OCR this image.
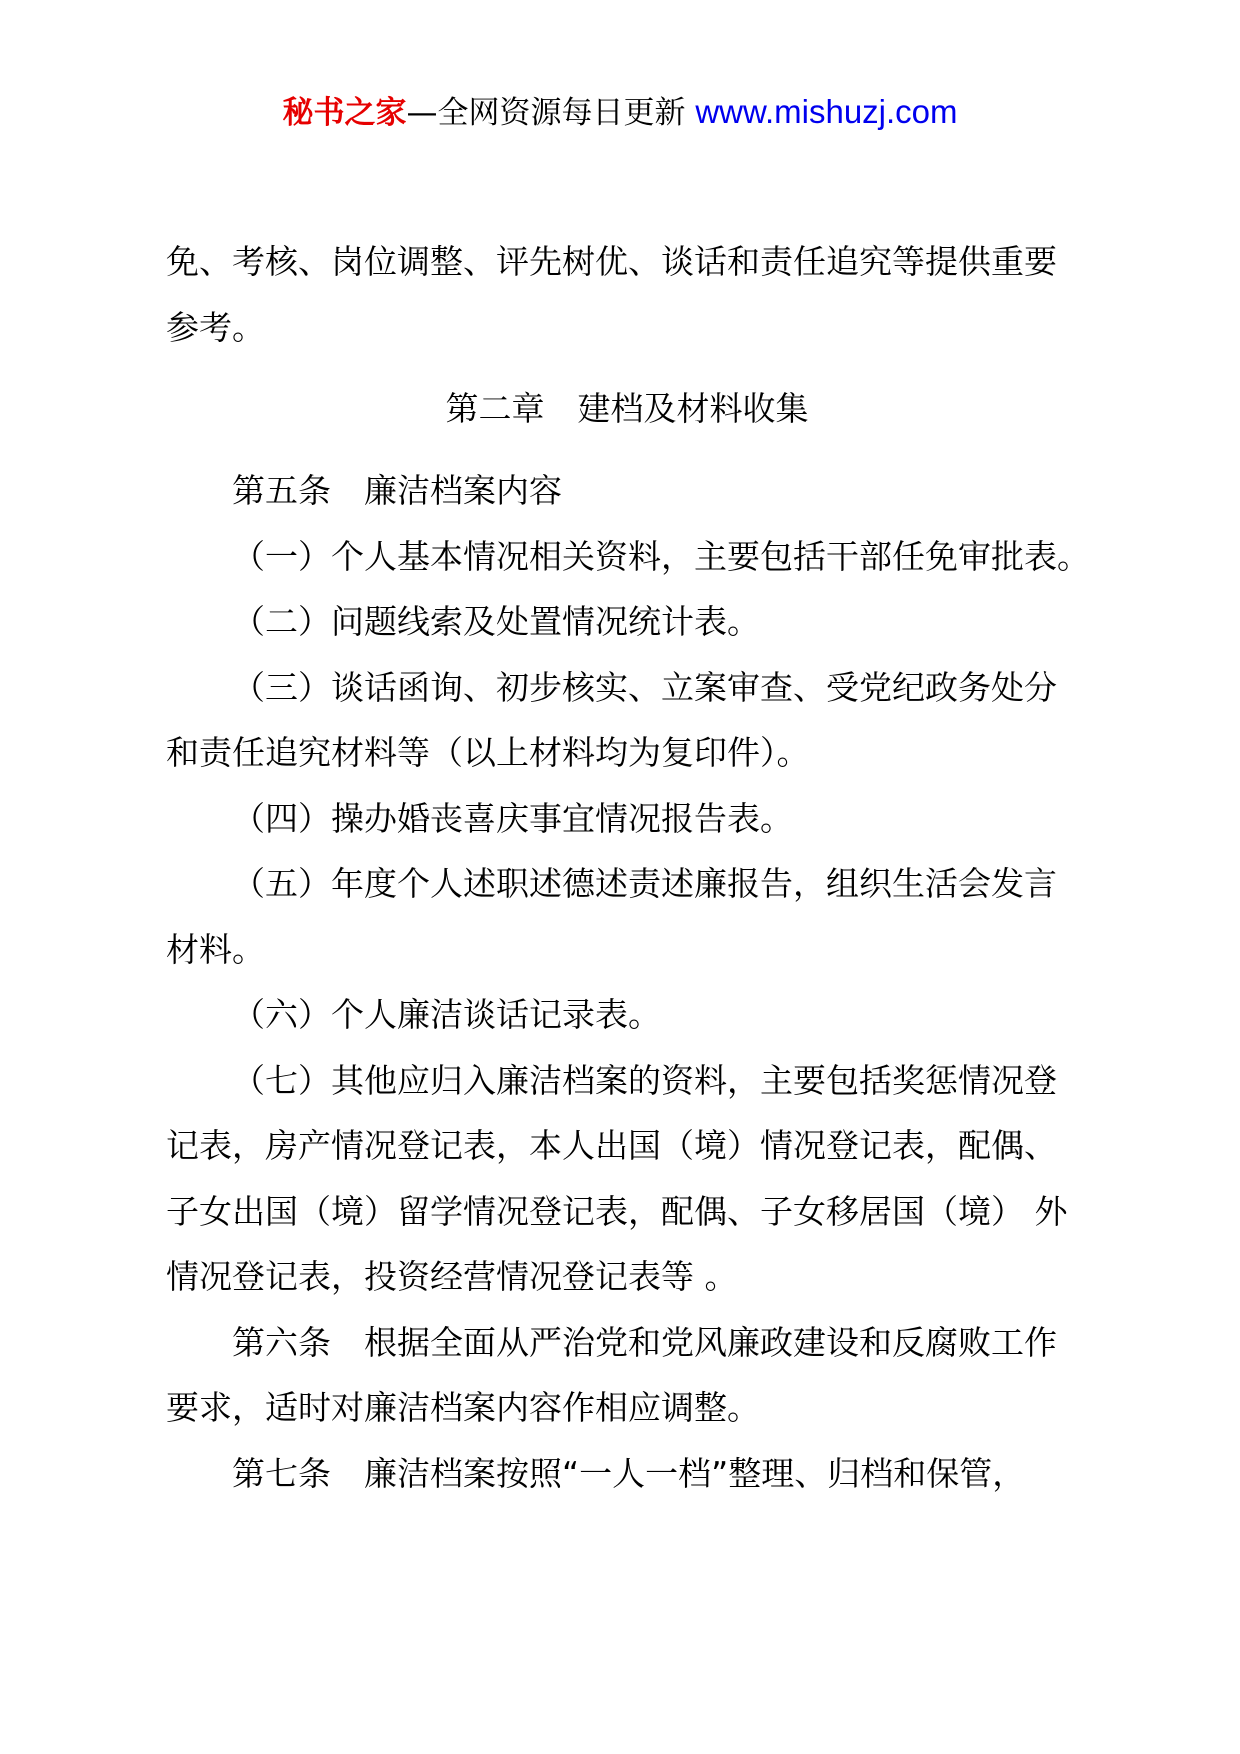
秘书之家—全网资源每日更新 www.mishuzj.com
免、考核、岗位调整、评先树优、谈话和责任追究等提供重要
参考。
第二章　建档及材料收集
第五条　廉洁档案内容
（一）个人基本情况相关资料，主要包括干部任免审批表。
（二）问题线索及处置情况统计表。
（三）谈话函询、初步核实、立案审查、受党纪政务处分
和责任追究材料等（以上材料均为复印件）。
（四）操办婚丧喜庆事宜情况报告表。
（五）年度个人述职述德述责述廉报告，组织生活会发言
材料。
（六）个人廉洁谈话记录表。
（七）其他应归入廉洁档案的资料，主要包括奖惩情况登
记表，房产情况登记表，本人出国（境）情况登记表，配偶、
子女出国（境）留学情况登记表，配偶、子女移居国（境） 外
情况登记表，投资经营情况登记表等 。
第六条　根据全面从严治党和党风廉政建设和反腐败工作
要求，适时对廉洁档案内容作相应调整。
第七条　廉洁档案按照“一人一档”整理、归档和保管，
